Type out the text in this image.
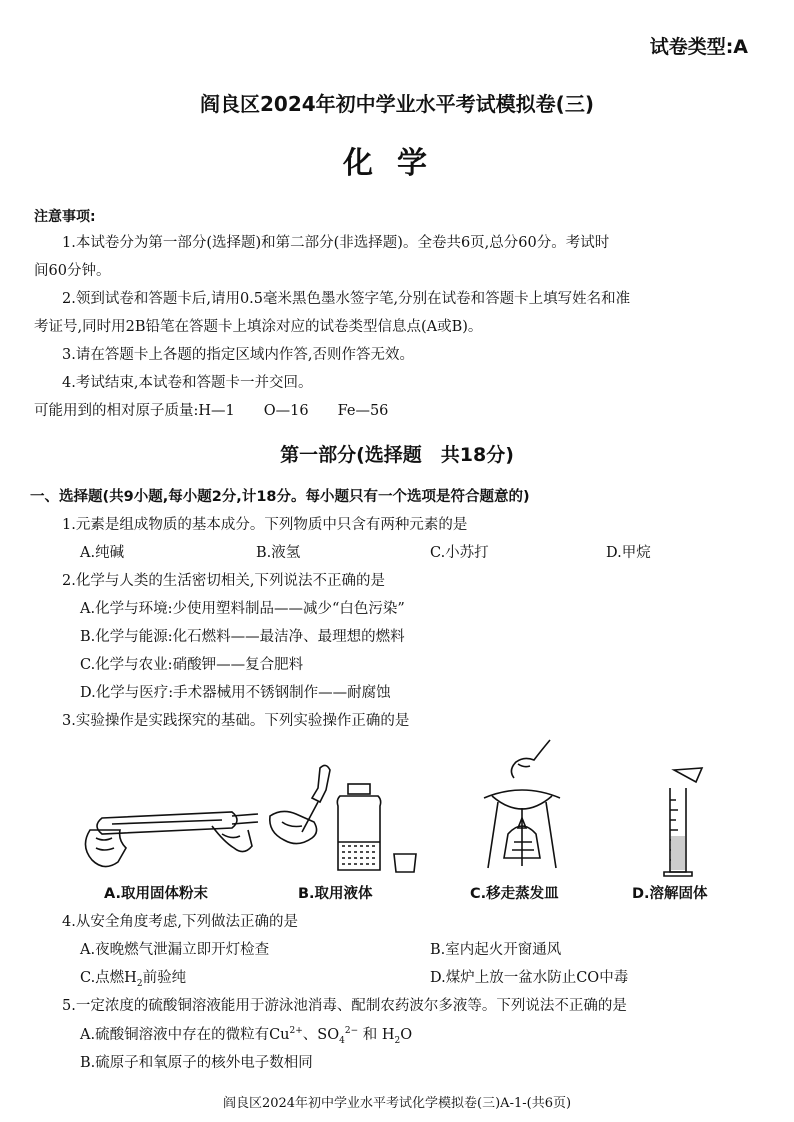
试卷类型:A
阎良区2024年初中学业水平考试模拟卷(三)
化学
注意事项:
1.本试卷分为第一部分(选择题)和第二部分(非选择题)。全卷共6页,总分60分。考试时
间60分钟。
2.领到试卷和答题卡后,请用0.5毫米黑色墨水签字笔,分别在试卷和答题卡上填写姓名和准
考证号,同时用2B铅笔在答题卡上填涂对应的试卷类型信息点(A或B)。
3.请在答题卡上各题的指定区域内作答,否则作答无效。
4.考试结束,本试卷和答题卡一并交回。
可能用到的相对原子质量:H—1　　O—16　　Fe—56
第一部分(选择题　共18分)
一、选择题(共9小题,每小题2分,计18分。每小题只有一个选项是符合题意的)
1.元素是组成物质的基本成分。下列物质中只含有两种元素的是
A.纯碱	B.液氢	C.小苏打	D.甲烷
2.化学与人类的生活密切相关,下列说法不正确的是
A.化学与环境:少使用塑料制品——减少“白色污染”
B.化学与能源:化石燃料——最洁净、最理想的燃料
C.化学与农业:硝酸钾——复合肥料
D.化学与医疗:手术器械用不锈钢制作——耐腐蚀
3.实验操作是实践探究的基础。下列实验操作正确的是
A.取用固体粉末	B.取用液体	C.移走蒸发皿	D.溶解固体
4.从安全角度考虑,下列做法正确的是
A.夜晚燃气泄漏立即开灯检查	B.室内起火开窗通风
C.点燃$H_2$前验纯	D.煤炉上放一盆水防止CO中毒
5.一定浓度的硫酸铜溶液能用于游泳池消毒、配制农药波尔多液等。下列说法不正确的是
A.硫酸铜溶液中存在的微粒有$Cu^{2+}$、$SO_4^{2-}$ 和 $H_2O$
B.硫原子和氧原子的核外电子数相同
阎良区2024年初中学业水平考试化学模拟卷(三)A-1-(共6页)
